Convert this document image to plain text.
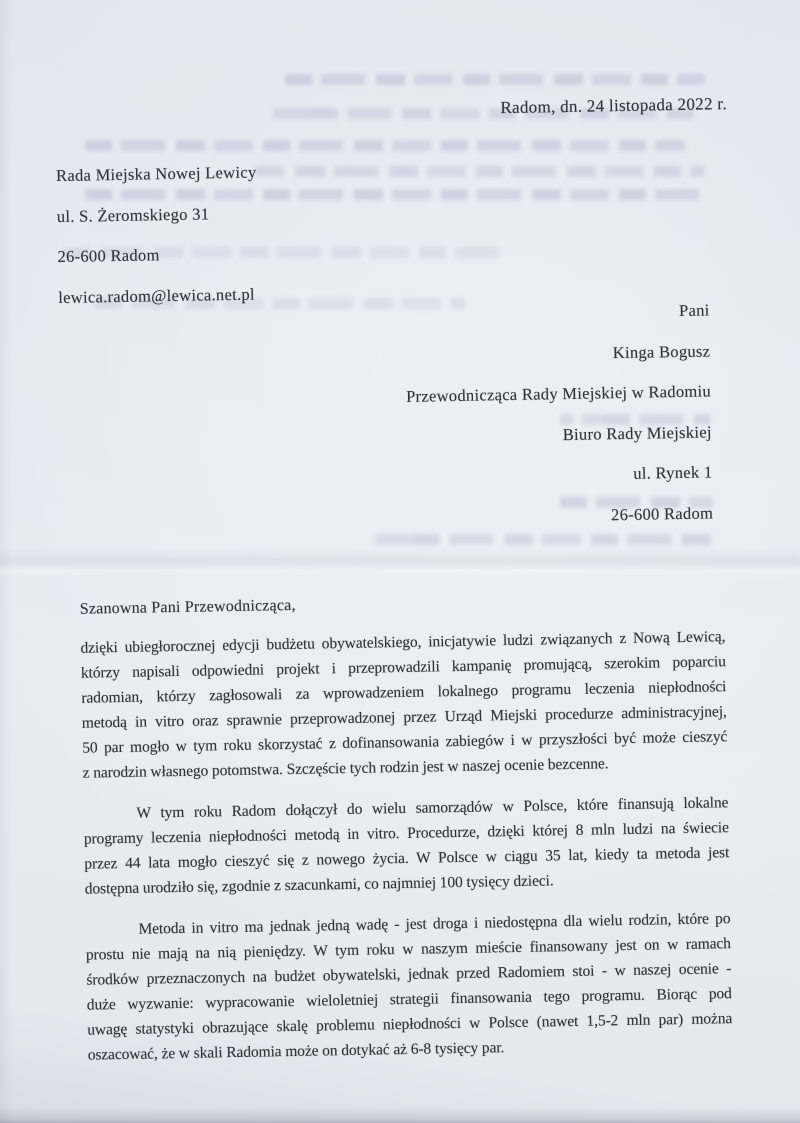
Radom, dn. 24 listopada 2022 r.
Rada Miejska Nowej Lewicy
ul. S. Żeromskiego 31
26-600 Radom
lewica.radom@lewica.net.pl
Pani
Kinga Bogusz
Przewodnicząca Rady Miejskiej w Radomiu
Biuro Rady Miejskiej
ul. Rynek 1
26-600 Radom
Szanowna Pani Przewodnicząca,
dzięki ubiegłorocznej edycji budżetu obywatelskiego, inicjatywie ludzi związanych z Nową Lewicą,
którzy napisali odpowiedni projekt i przeprowadzili kampanię promującą, szerokim poparciu
radomian, którzy zagłosowali za wprowadzeniem lokalnego programu leczenia niepłodności
metodą in vitro oraz sprawnie przeprowadzonej przez Urząd Miejski procedurze administracyjnej,
50 par mogło w tym roku skorzystać z dofinansowania zabiegów i w przyszłości być może cieszyć
z narodzin własnego potomstwa. Szczęście tych rodzin jest w naszej ocenie bezcenne.
W tym roku Radom dołączył do wielu samorządów w Polsce, które finansują lokalne
programy leczenia niepłodności metodą in vitro. Procedurze, dzięki której 8 mln ludzi na świecie
przez 44 lata mogło cieszyć się z nowego życia. W Polsce w ciągu 35 lat, kiedy ta metoda jest
dostępna urodziło się, zgodnie z szacunkami, co najmniej 100 tysięcy dzieci.
Metoda in vitro ma jednak jedną wadę - jest droga i niedostępna dla wielu rodzin, które po
prostu nie mają na nią pieniędzy. W tym roku w naszym mieście finansowany jest on w ramach
środków przeznaczonych na budżet obywatelski, jednak przed Radomiem stoi - w naszej ocenie -
duże wyzwanie: wypracowanie wieloletniej strategii finansowania tego programu. Biorąc pod
uwagę statystyki obrazujące skalę problemu niepłodności w Polsce (nawet 1,5-2 mln par) można
oszacować, że w skali Radomia może on dotykać aż 6-8 tysięcy par.
